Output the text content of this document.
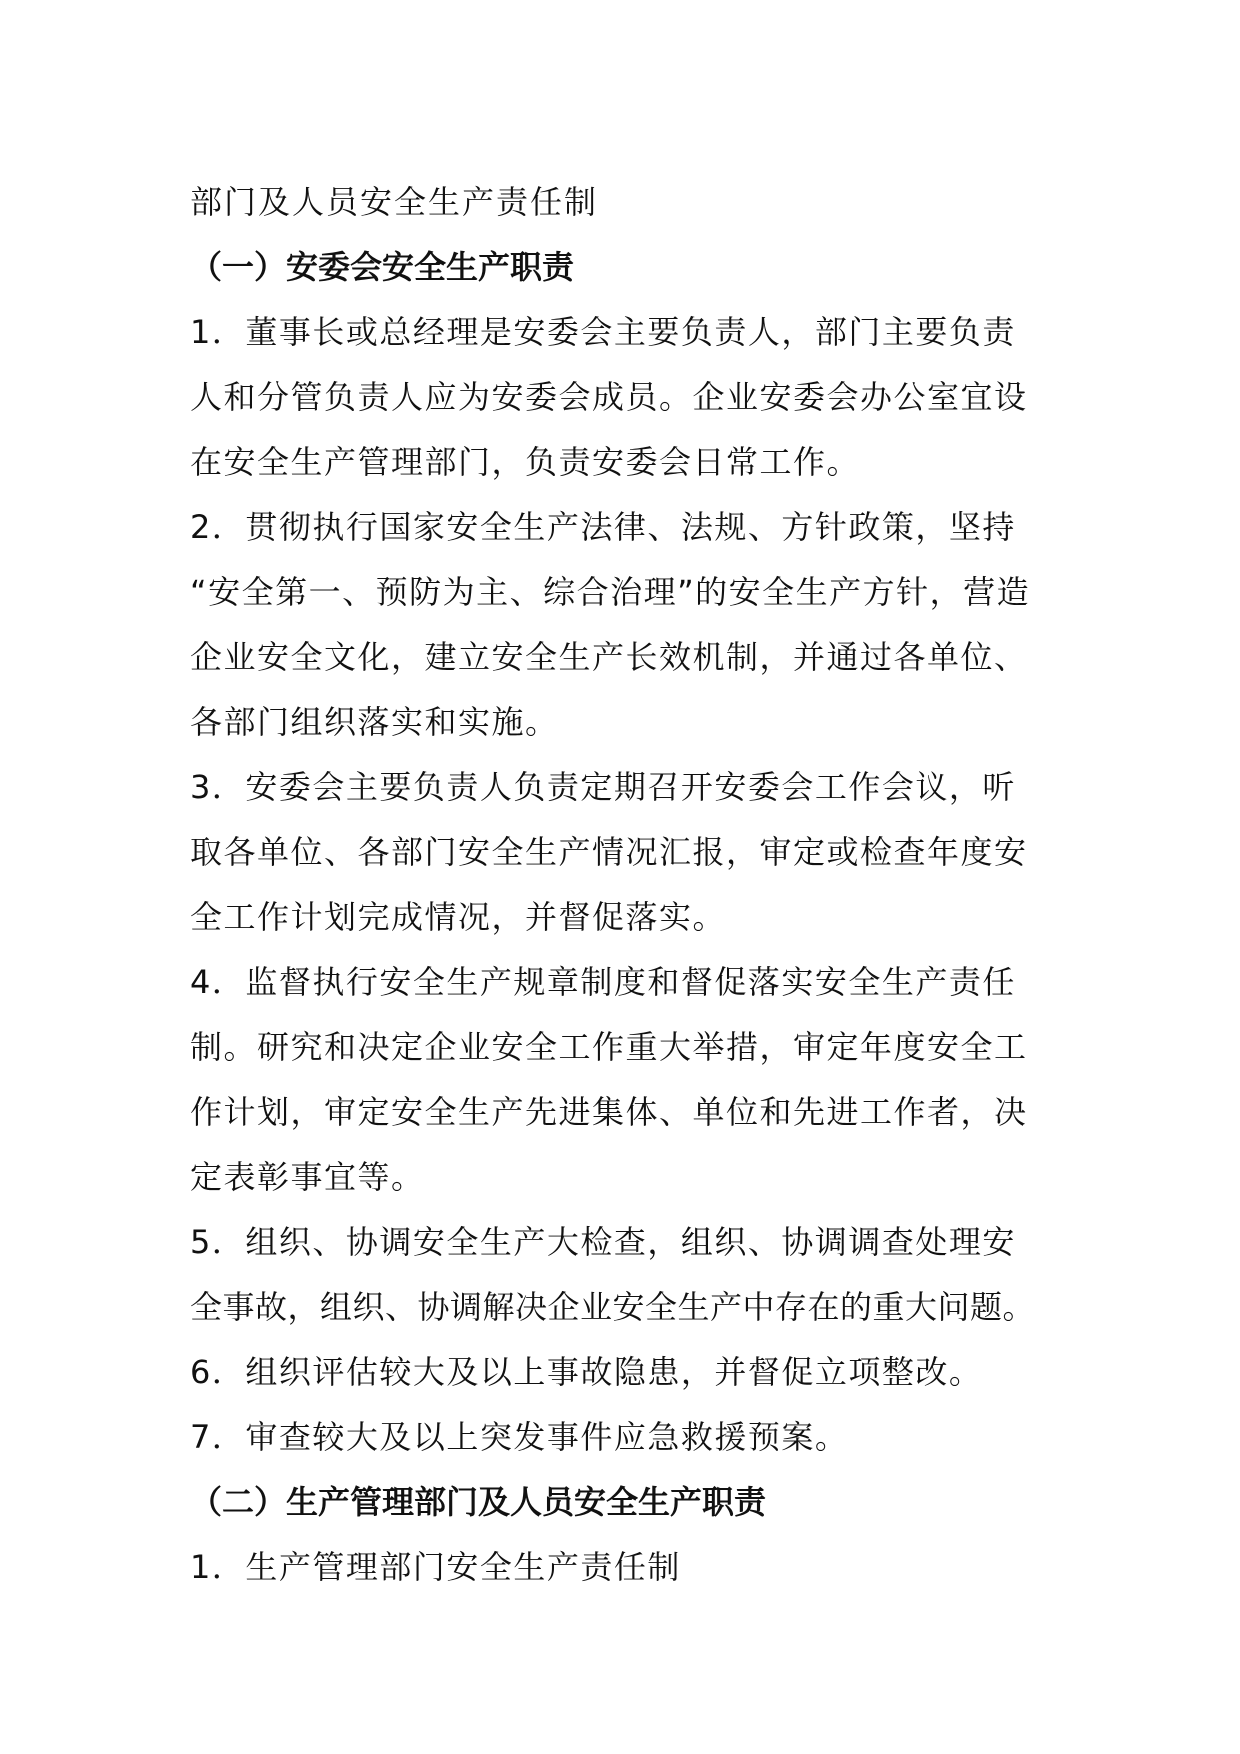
部门及人员安全生产责任制
（一）安委会安全生产职责
1．董事长或总经理是安委会主要负责人，部门主要负责
人和分管负责人应为安委会成员。企业安委会办公室宜设
在安全生产管理部门，负责安委会日常工作。
2．贯彻执行国家安全生产法律、法规、方针政策，坚持
“安全第一、预防为主、综合治理”的安全生产方针，营造
企业安全文化，建立安全生产长效机制，并通过各单位、
各部门组织落实和实施。
3．安委会主要负责人负责定期召开安委会工作会议，听
取各单位、各部门安全生产情况汇报，审定或检查年度安
全工作计划完成情况，并督促落实。
4．监督执行安全生产规章制度和督促落实安全生产责任
制。研究和决定企业安全工作重大举措，审定年度安全工
作计划，审定安全生产先进集体、单位和先进工作者，决
定表彰事宜等。
5．组织、协调安全生产大检查，组织、协调调查处理安
全事故，组织、协调解决企业安全生产中存在的重大问题。
6．组织评估较大及以上事故隐患，并督促立项整改。
7．审查较大及以上突发事件应急救援预案。
（二）生产管理部门及人员安全生产职责
1．生产管理部门安全生产责任制
